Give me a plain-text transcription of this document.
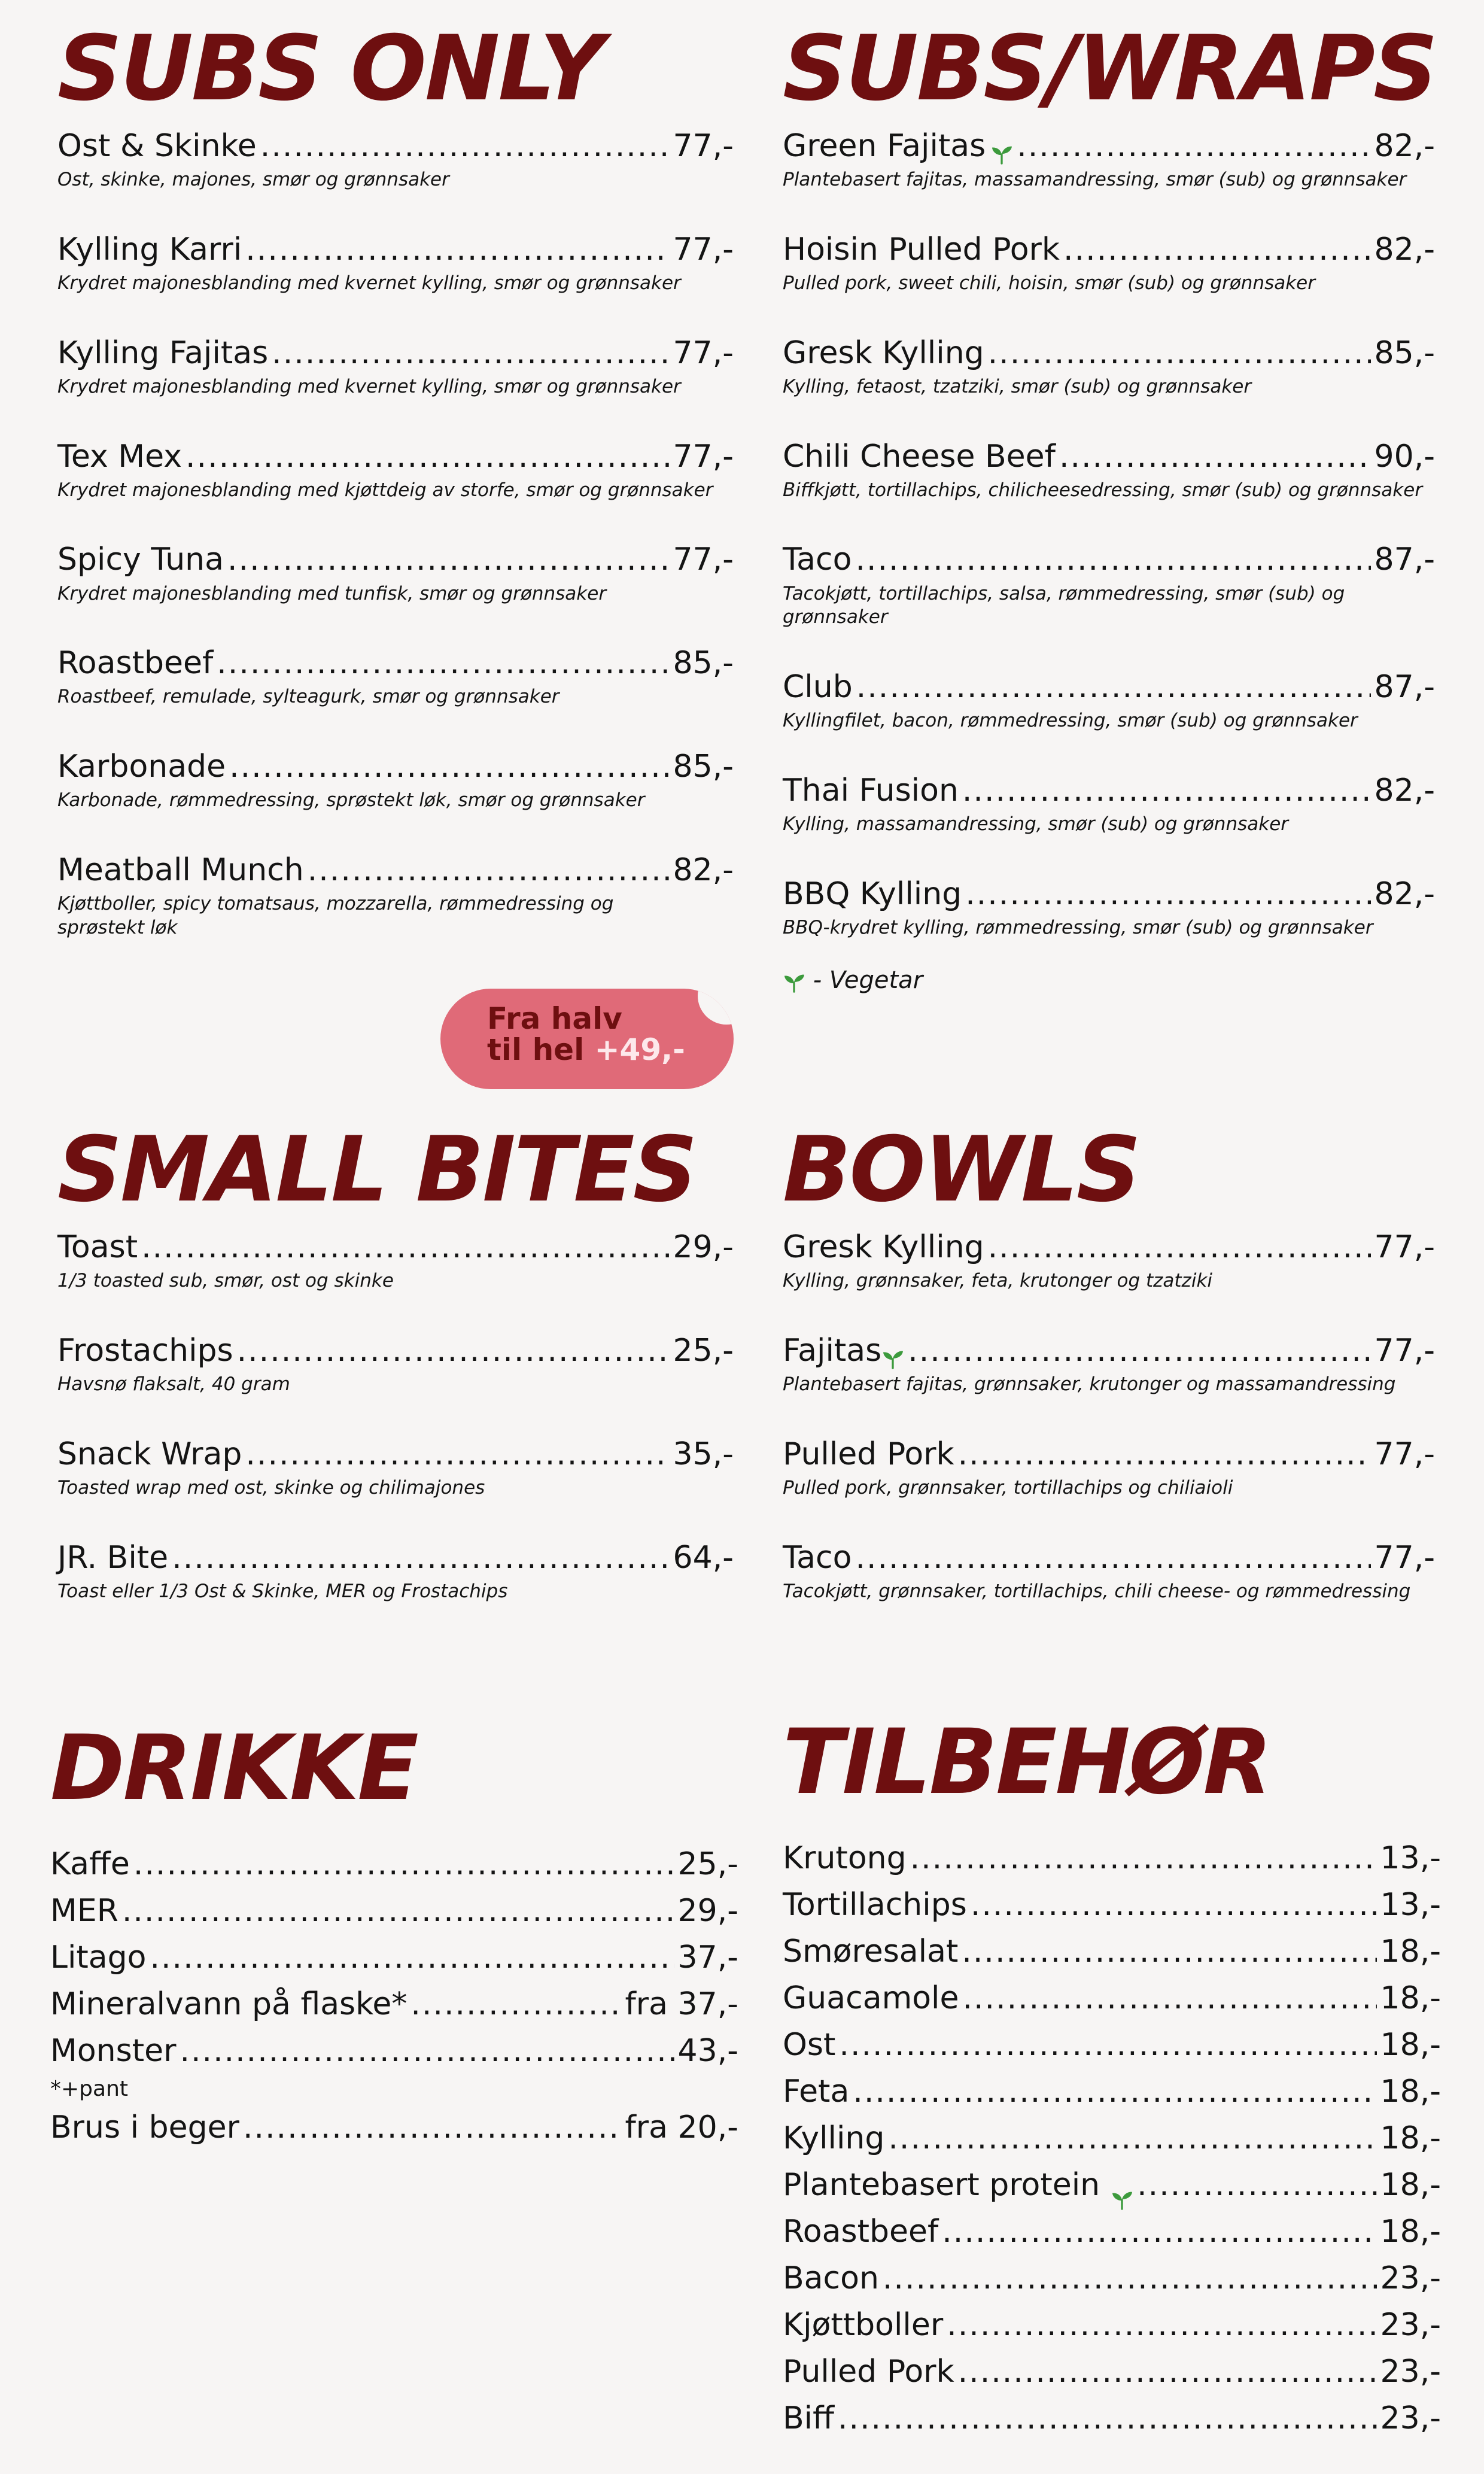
SUBS ONLY
Ost & Skinke .....	77,-
Ost, skinke, majones, smør og grønnsaker
Kylling Karri .....	77,-
Krydret majonesblanding med kvernet kylling, smør og grønnsaker
Kylling Fajitas .....	77,-
Krydret majonesblanding med kvernet kylling, smør og grønnsaker
Tex Mex .....	77,-
Krydret majonesblanding med kjøttdeig av storfe, smør og grønnsaker
Spicy Tuna .....	77,-
Krydret majonesblanding med tunfisk, smør og grønnsaker
Roastbeef .....	85,-
Roastbeef, remulade, sylteagurk, smør og grønnsaker
Karbonade .....	85,-
Karbonade, rømmedressing, sprøstekt løk, smør og grønnsaker
Meatball Munch .....	82,-
Kjøttboller, spicy tomatsaus, mozzarella, rømmedressing og sprøstekt løk
Fra halv
til hel +49,-
SUBS/WRAPS
Green Fajitas .....	82,-
Plantebasert fajitas, massamandressing, smør (sub) og grønnsaker
Hoisin Pulled Pork .....	82,-
Pulled pork, sweet chili, hoisin, smør (sub) og grønnsaker
Gresk Kylling .....	85,-
Kylling, fetaost, tzatziki, smør (sub) og grønnsaker
Chili Cheese Beef .....	90,-
Biffkjøtt, tortillachips, chilicheesedressing, smør (sub) og grønnsaker
Taco .....	87,-
Tacokjøtt, tortillachips, salsa, rømmedressing, smør (sub) og grønnsaker
Club .....	87,-
Kyllingfilet, bacon, rømmedressing, smør (sub) og grønnsaker
Thai Fusion .....	82,-
Kylling, massamandressing, smør (sub) og grønnsaker
BBQ Kylling .....	82,-
BBQ-krydret kylling, rømmedressing, smør (sub) og grønnsaker
- Vegetar
SMALL BITES
Toast .....	29,-
1/3 toasted sub, smør, ost og skinke
Frostachips .....	25,-
Havsnø flaksalt, 40 gram
Snack Wrap .....	35,-
Toasted wrap med ost, skinke og chilimajones
JR. Bite .....	64,-
Toast eller 1/3 Ost & Skinke, MER og Frostachips
BOWLS
Gresk Kylling .....	77,-
Kylling, grønnsaker, feta, krutonger og tzatziki
Fajitas .....	77,-
Plantebasert fajitas, grønnsaker, krutonger og massamandressing
Pulled Pork .....	77,-
Pulled pork, grønnsaker, tortillachips og chiliaioli
Taco .....	77,-
Tacokjøtt, grønnsaker, tortillachips, chili cheese- og rømmedressing
DRIKKE
Kaffe .....	25,-
MER .....	29,-
Litago .....	37,-
Mineralvann på flaske* .....	fra 37,-
Monster .....	43,-
*+pant
Brus i beger .....	fra 20,-
TILBEHØR
Krutong .....	13,-
Tortillachips .....	13,-
Smøresalat .....	18,-
Guacamole .....	18,-
Ost .....	18,-
Feta .....	18,-
Kylling .....	18,-
Plantebasert protein .....	18,-
Roastbeef .....	18,-
Bacon .....	23,-
Kjøttboller .....	23,-
Pulled Pork .....	23,-
Biff .....	23,-
